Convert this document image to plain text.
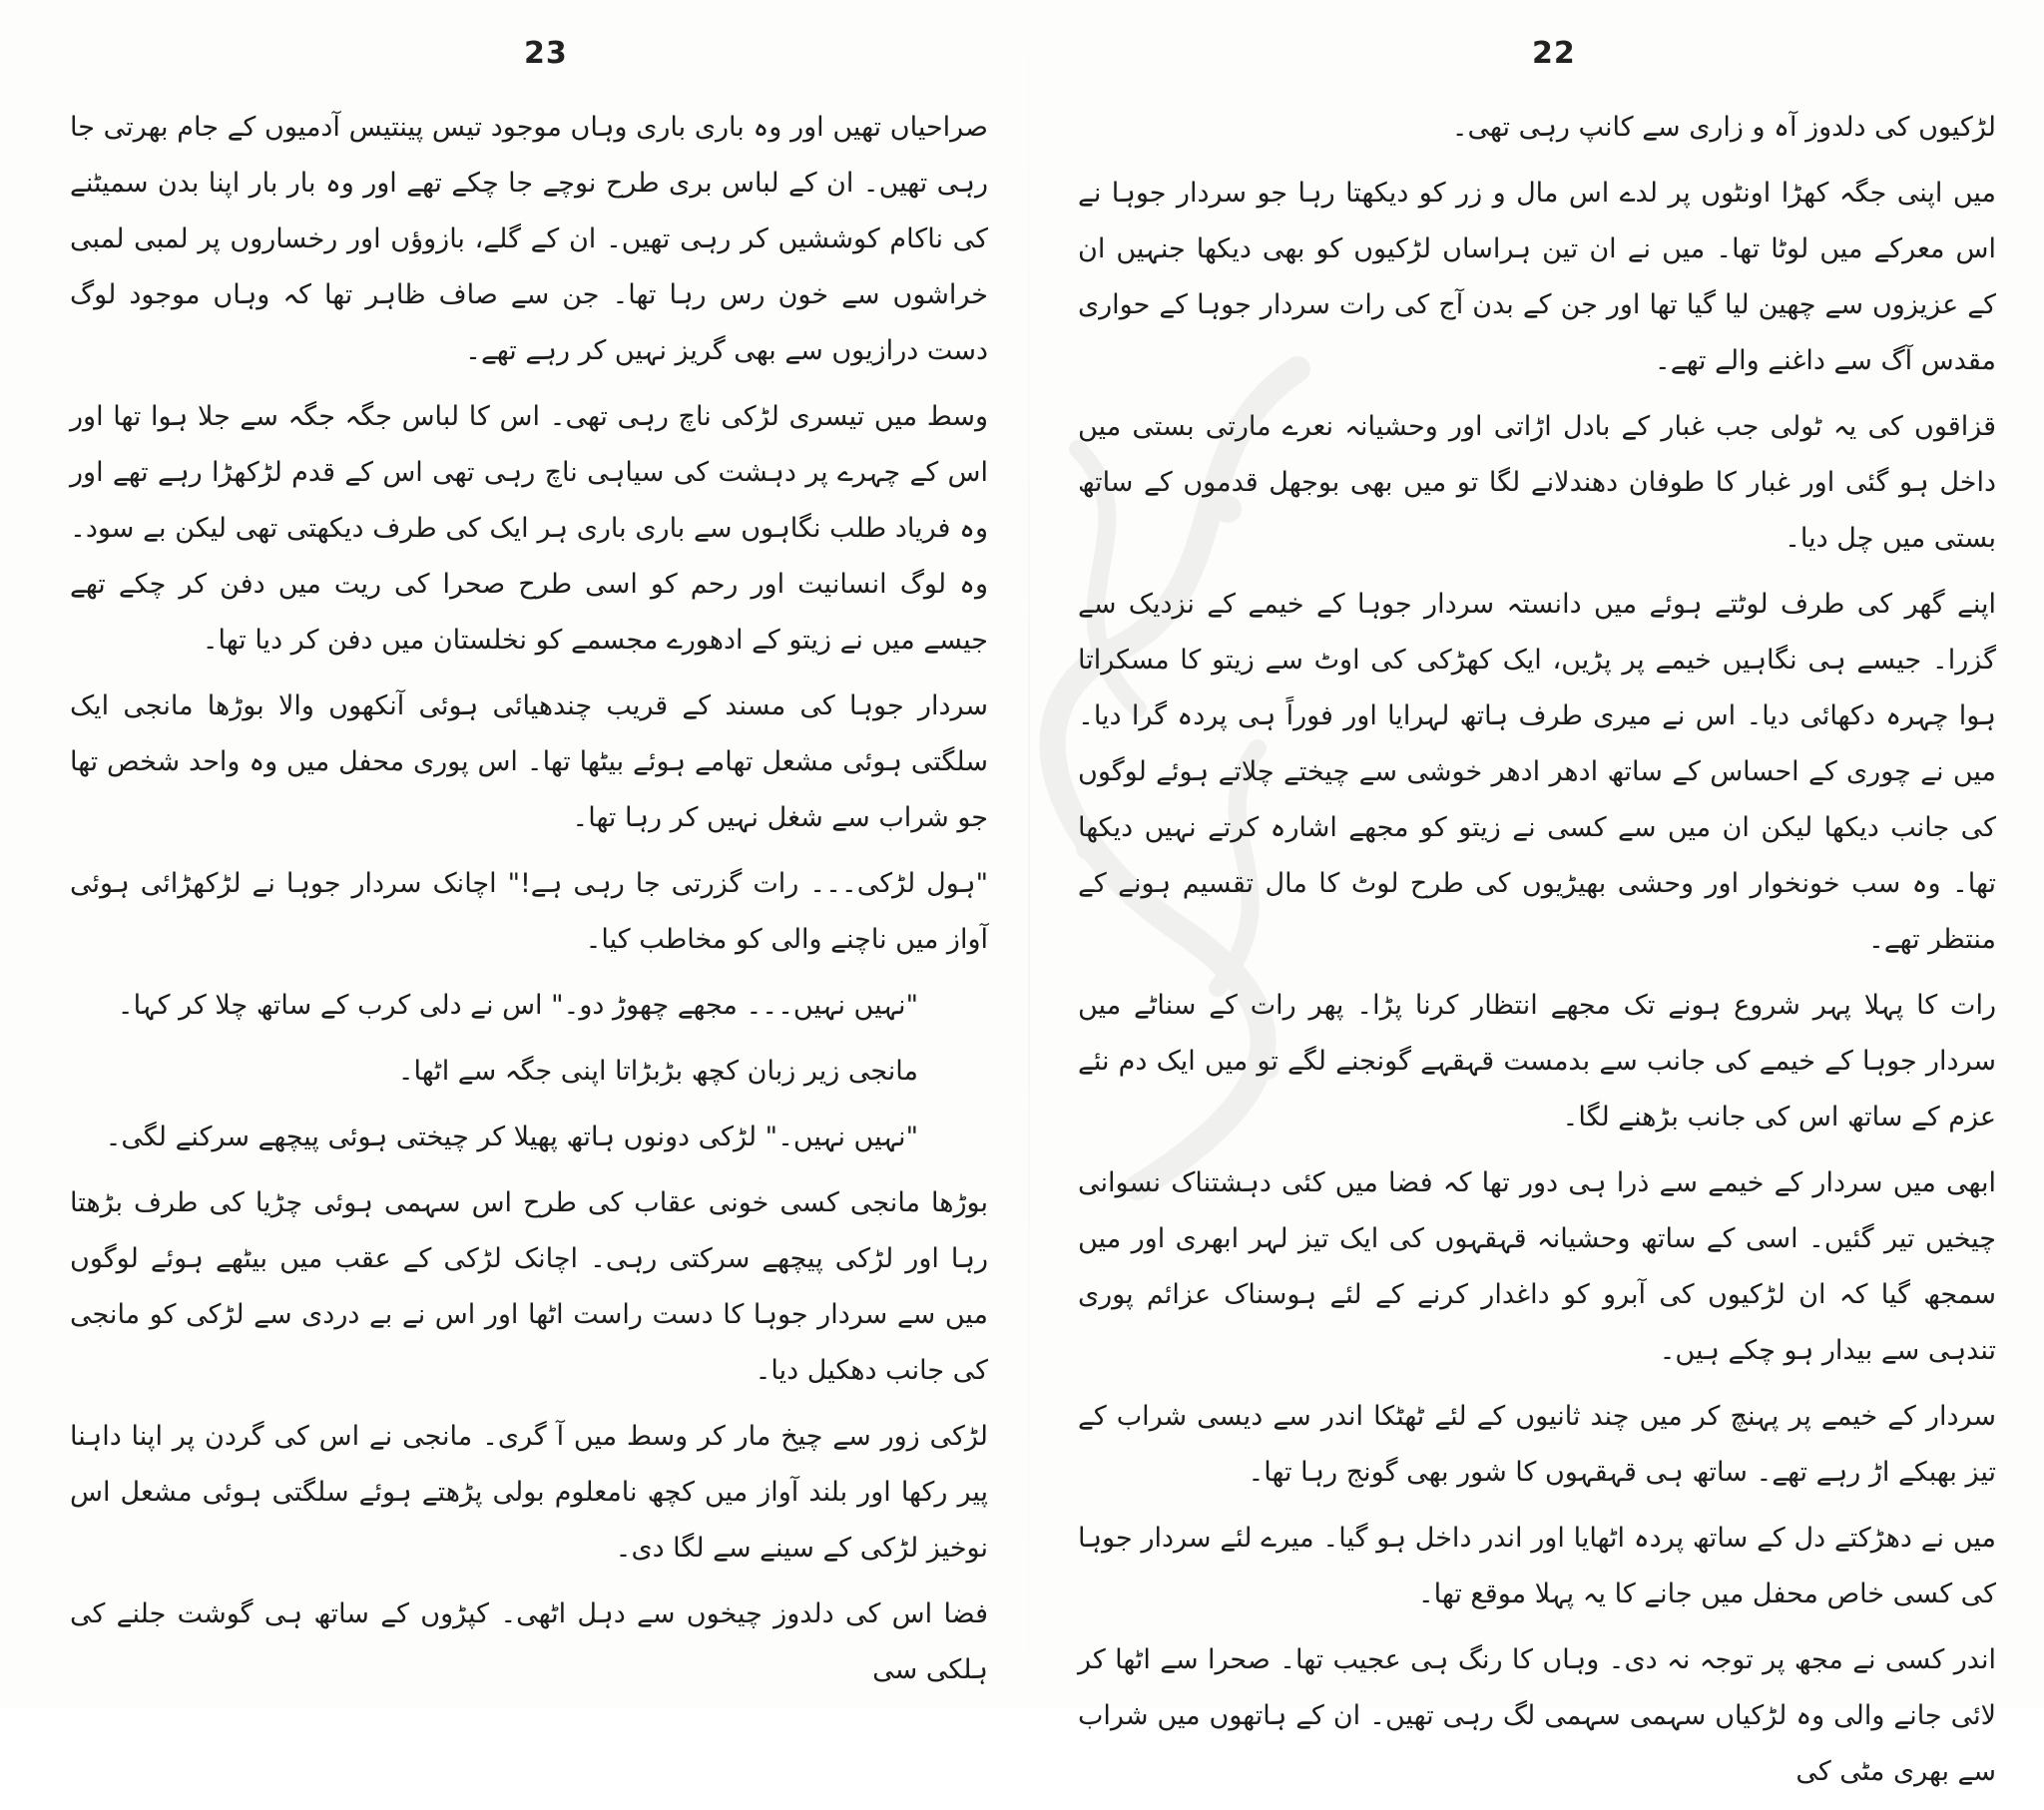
23

صراحیاں تھیں اور وہ باری باری وہاں موجود تیس پینتیس آدمیوں کے جام بھرتی جا رہی تھیں۔ ان کے لباس بری طرح نوچے جا چکے تھے اور وہ بار بار اپنا بدن سمیٹنے کی ناکام کوششیں کر رہی تھیں۔ ان کے گلے، بازوؤں اور رخساروں پر لمبی لمبی خراشوں سے خون رس رہا تھا۔ جن سے صاف ظاہر تھا کہ وہاں موجود لوگ دست درازیوں سے بھی گریز نہیں کر رہے تھے۔

وسط میں تیسری لڑکی ناچ رہی تھی۔ اس کا لباس جگہ جگہ سے جلا ہوا تھا اور اس کے چہرے پر دہشت کی سیاہی ناچ رہی تھی اس کے قدم لڑکھڑا رہے تھے اور وہ فریاد طلب نگاہوں سے باری باری ہر ایک کی طرف دیکھتی تھی لیکن بے سود۔ وہ لوگ انسانیت اور رحم کو اسی طرح صحرا کی ریت میں دفن کر چکے تھے جیسے میں نے زیتو کے ادھورے مجسمے کو نخلستان میں دفن کر دیا تھا۔

سردار جوہا کی مسند کے قریب چندھیائی ہوئی آنکھوں والا بوڑھا مانجی ایک سلگتی ہوئی مشعل تھامے ہوئے بیٹھا تھا۔ اس پوری محفل میں وہ واحد شخص تھا جو شراب سے شغل نہیں کر رہا تھا۔

"ہول لڑکی۔۔۔ رات گزرتی جا رہی ہے!" اچانک سردار جوہا نے لڑکھڑائی ہوئی آواز میں ناچنے والی کو مخاطب کیا۔

"نہیں نہیں۔۔۔ مجھے چھوڑ دو۔" اس نے دلی کرب کے ساتھ چلا کر کہا۔

مانجی زیر زبان کچھ بڑبڑاتا اپنی جگہ سے اٹھا۔

"نہیں نہیں۔" لڑکی دونوں ہاتھ پھیلا کر چیختی ہوئی پیچھے سرکنے لگی۔

بوڑھا مانجی کسی خونی عقاب کی طرح اس سہمی ہوئی چڑیا کی طرف بڑھتا رہا اور لڑکی پیچھے سرکتی رہی۔ اچانک لڑکی کے عقب میں بیٹھے ہوئے لوگوں میں سے سردار جوہا کا دست راست اٹھا اور اس نے بے دردی سے لڑکی کو مانجی کی جانب دھکیل دیا۔

لڑکی زور سے چیخ مار کر وسط میں آ گری۔ مانجی نے اس کی گردن پر اپنا داہنا پیر رکھا اور بلند آواز میں کچھ نامعلوم بولی پڑھتے ہوئے سلگتی ہوئی مشعل اس نوخیز لڑکی کے سینے سے لگا دی۔

فضا اس کی دلدوز چیخوں سے دہل اٹھی۔ کپڑوں کے ساتھ ہی گوشت جلنے کی ہلکی سی

22

لڑکیوں کی دلدوز آہ و زاری سے کانپ رہی تھی۔

میں اپنی جگہ کھڑا اونٹوں پر لدے اس مال و زر کو دیکھتا رہا جو سردار جوہا نے اس معرکے میں لوٹا تھا۔ میں نے ان تین ہراساں لڑکیوں کو بھی دیکھا جنہیں ان کے عزیزوں سے چھین لیا گیا تھا اور جن کے بدن آج کی رات سردار جوہا کے حواری مقدس آگ سے داغنے والے تھے۔

قزاقوں کی یہ ٹولی جب غبار کے بادل اڑاتی اور وحشیانہ نعرے مارتی بستی میں داخل ہو گئی اور غبار کا طوفان دھندلانے لگا تو میں بھی بوجھل قدموں کے ساتھ بستی میں چل دیا۔

اپنے گھر کی طرف لوٹتے ہوئے میں دانستہ سردار جوہا کے خیمے کے نزدیک سے گزرا۔ جیسے ہی نگاہیں خیمے پر پڑیں، ایک کھڑکی کی اوٹ سے زیتو کا مسکراتا ہوا چہرہ دکھائی دیا۔ اس نے میری طرف ہاتھ لہرایا اور فوراً ہی پردہ گرا دیا۔ میں نے چوری کے احساس کے ساتھ ادھر ادھر خوشی سے چیختے چلاتے ہوئے لوگوں کی جانب دیکھا لیکن ان میں سے کسی نے زیتو کو مجھے اشارہ کرتے نہیں دیکھا تھا۔ وہ سب خونخوار اور وحشی بھیڑیوں کی طرح لوٹ کا مال تقسیم ہونے کے منتظر تھے۔

رات کا پہلا پہر شروع ہونے تک مجھے انتظار کرنا پڑا۔ پھر رات کے سناٹے میں سردار جوہا کے خیمے کی جانب سے بدمست قہقہے گونجنے لگے تو میں ایک دم نئے عزم کے ساتھ اس کی جانب بڑھنے لگا۔

ابھی میں سردار کے خیمے سے ذرا ہی دور تھا کہ فضا میں کئی دہشتناک نسوانی چیخیں تیر گئیں۔ اسی کے ساتھ وحشیانہ قہقہوں کی ایک تیز لہر ابھری اور میں سمجھ گیا کہ ان لڑکیوں کی آبرو کو داغدار کرنے کے لئے ہوسناک عزائم پوری تندہی سے بیدار ہو چکے ہیں۔

سردار کے خیمے پر پہنچ کر میں چند ثانیوں کے لئے ٹھٹکا اندر سے دیسی شراب کے تیز بھبکے اڑ رہے تھے۔ ساتھ ہی قہقہوں کا شور بھی گونج رہا تھا۔

میں نے دھڑکتے دل کے ساتھ پردہ اٹھایا اور اندر داخل ہو گیا۔ میرے لئے سردار جوہا کی کسی خاص محفل میں جانے کا یہ پہلا موقع تھا۔

اندر کسی نے مجھ پر توجہ نہ دی۔ وہاں کا رنگ ہی عجیب تھا۔ صحرا سے اٹھا کر لائی جانے والی وہ لڑکیاں سہمی سہمی لگ رہی تھیں۔ ان کے ہاتھوں میں شراب سے بھری مٹی کی
